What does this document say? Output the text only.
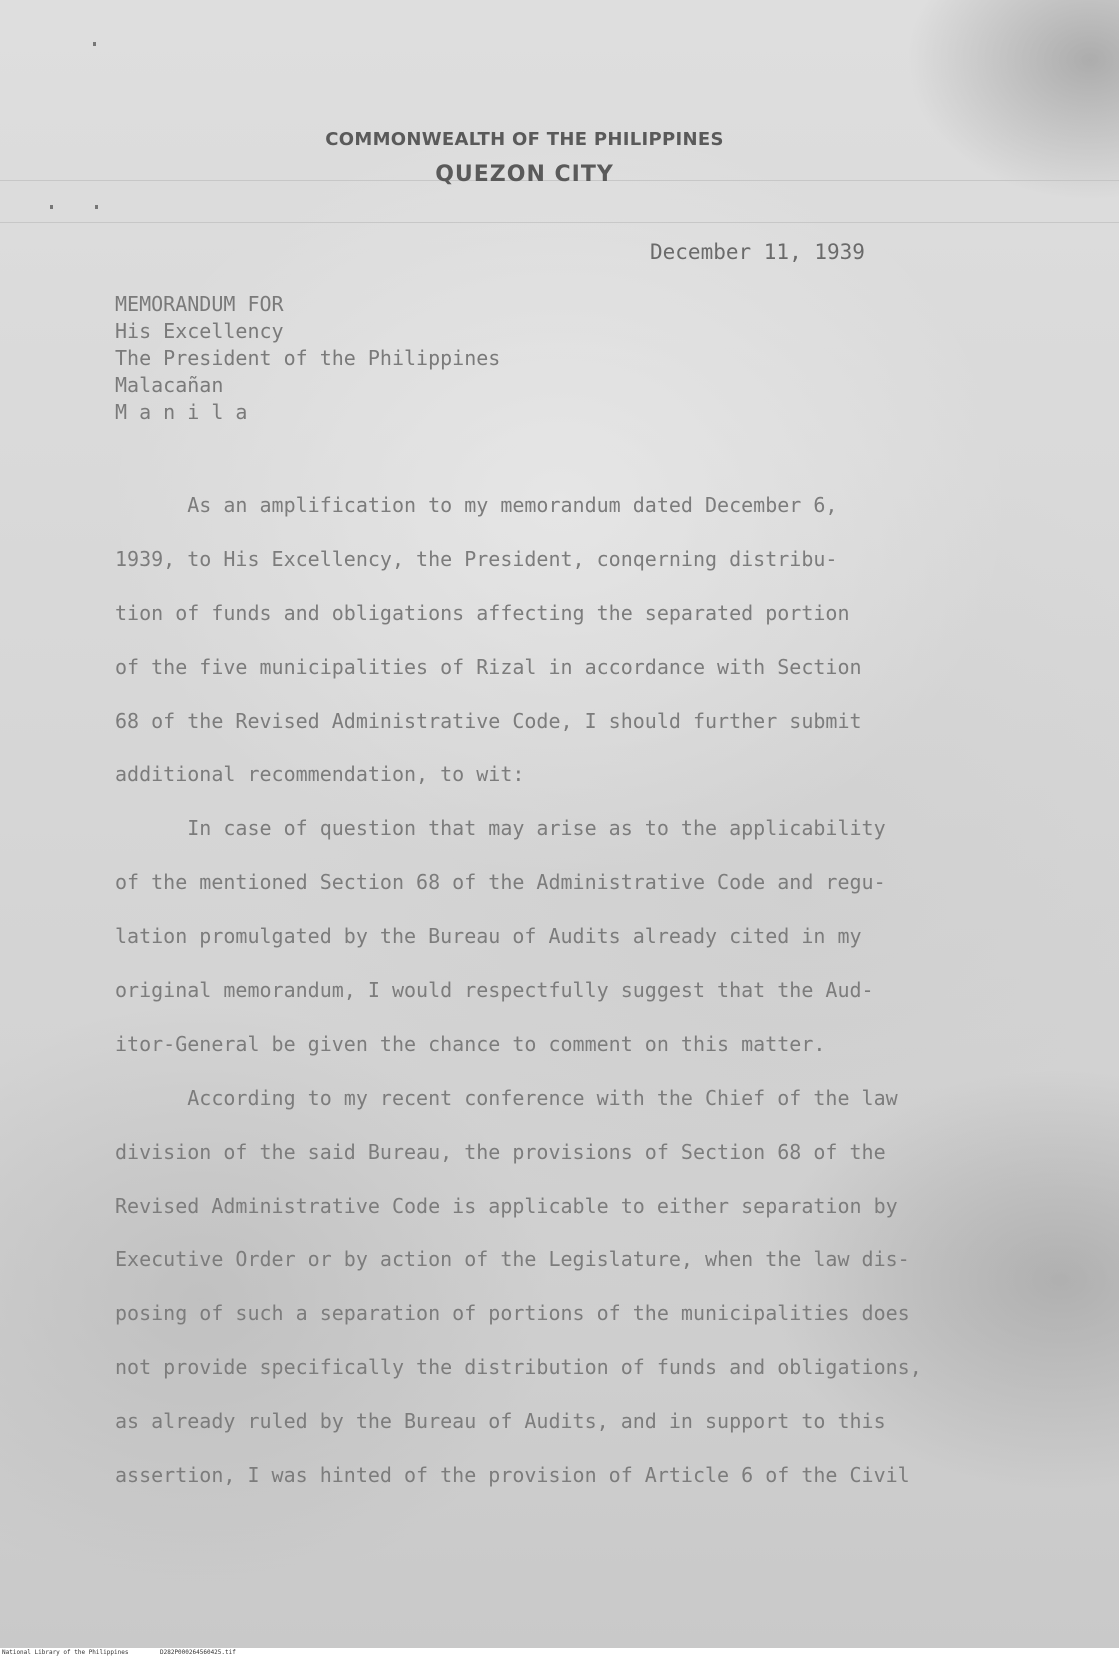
COMMONWEALTH OF THE PHILIPPINES
QUEZON CITY
December 11, 1939
MEMORANDUM FOR
His Excellency
The President of the Philippines
Malacañan
M a n i l a
As an amplification to my memorandum dated December 6,
1939, to His Excellency, the President, conqerning distribu-
tion of funds and obligations affecting the separated portion
of the five municipalities of Rizal in accordance with Section
68 of the Revised Administrative Code, I should further submit
additional recommendation, to wit:
In case of question that may arise as to the applicability
of the mentioned Section 68 of the Administrative Code and regu-
lation promulgated by the Bureau of Audits already cited in my
original memorandum, I would respectfully suggest that the Aud-
itor-General be given the chance to comment on this matter.
According to my recent conference with the Chief of the law
division of the said Bureau, the provisions of Section 68 of the
Revised Administrative Code is applicable to either separation by
Executive Order or by action of the Legislature, when the law dis-
posing of such a separation of portions of the municipalities does
not provide specifically the distribution of funds and obligations,
as already ruled by the Bureau of Audits, and in support to this
assertion, I was hinted of the provision of Article 6 of the Civil
National Library of the Philippines	D282P000264560425.tif
